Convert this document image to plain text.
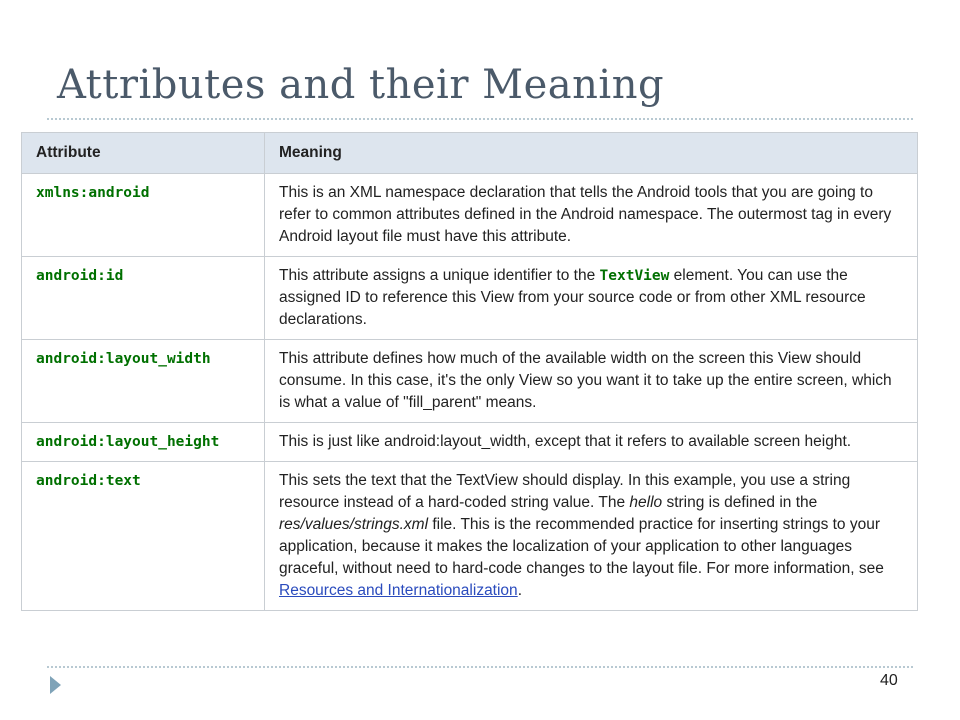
Attributes and their Meaning
Attribute	Meaning
xmlns:android	This is an XML namespace declaration that tells the Android tools that you are going to refer to common attributes defined in the Android namespace. The outermost tag in every Android layout file must have this attribute.
android:id	This attribute assigns a unique identifier to the TextView element. You can use the assigned ID to reference this View from your source code or from other XML resource declarations.
android:layout_width	This attribute defines how much of the available width on the screen this View should consume. In this case, it's the only View so you want it to take up the entire screen, which is what a value of "fill_parent" means.
android:layout_height	This is just like android:layout_width, except that it refers to available screen height.
android:text	This sets the text that the TextView should display. In this example, you use a string resource instead of a hard-coded string value. The hello string is defined in the res/values/strings.xml file. This is the recommended practice for inserting strings to your application, because it makes the localization of your application to other languages graceful, without need to hard-code changes to the layout file. For more information, see Resources and Internationalization.
40
